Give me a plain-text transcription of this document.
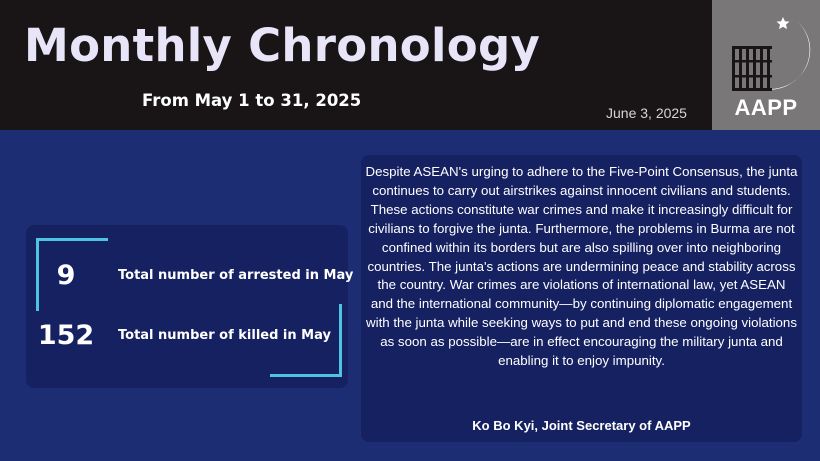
Monthly Chronology
From May 1 to 31, 2025
June 3, 2025	AAPP
9	Total number of arrested in May
152	Total number of killed in May

Despite ASEAN's urging to adhere to the Five-Point Consensus, the junta continues to carry out airstrikes against innocent civilians and students. These actions constitute war crimes and make it increasingly difficult for civilians to forgive the junta. Furthermore, the problems in Burma are not confined within its borders but are also spilling over into neighboring countries. The junta's actions are undermining peace and stability across the country. War crimes are violations of international law, yet ASEAN and the international community—by continuing diplomatic engagement with the junta while seeking ways to put and end these ongoing violations as soon as possible—are in effect encouraging the military junta and enabling it to enjoy impunity.

Ko Bo Kyi, Joint Secretary of AAPP
